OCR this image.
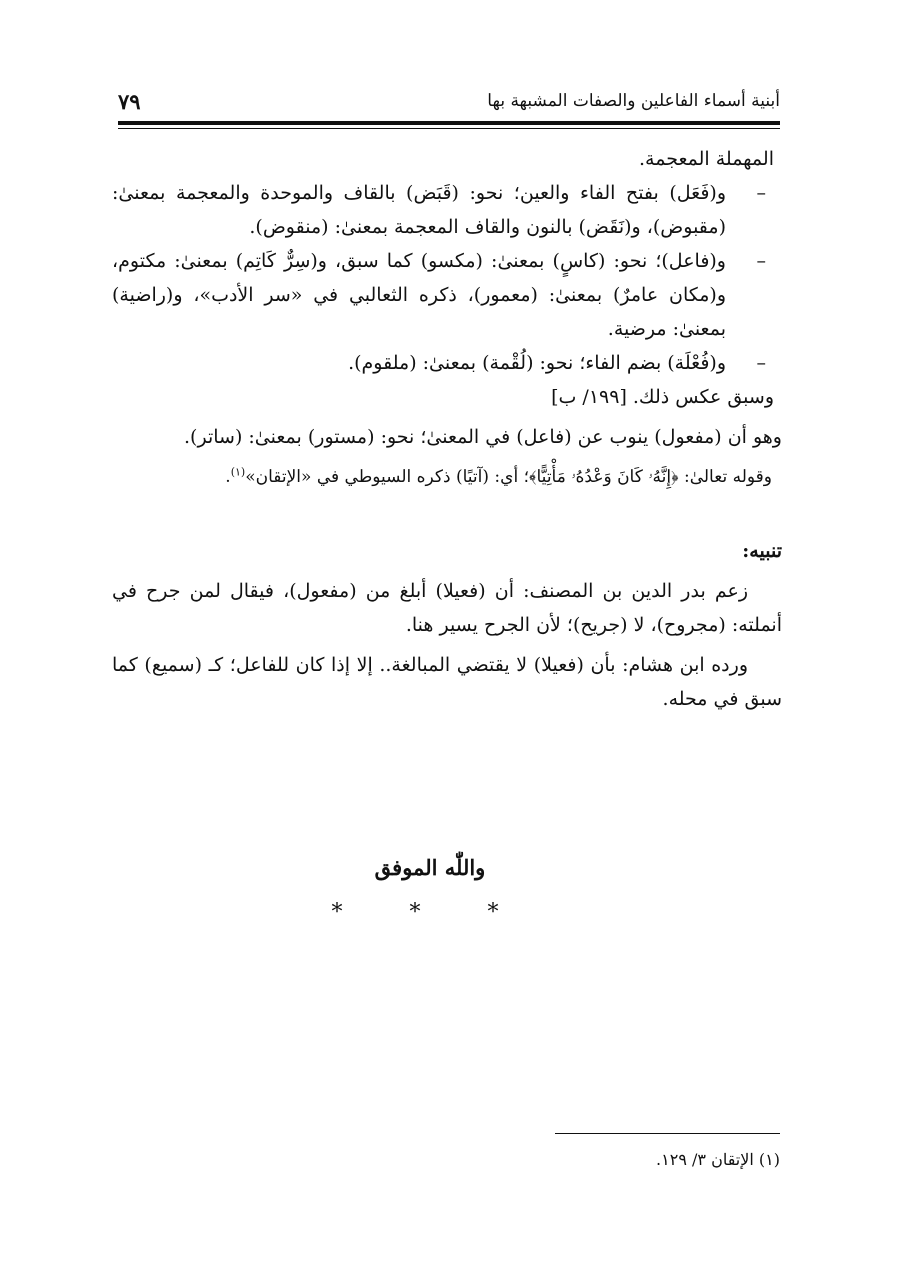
أبنية أسماء الفاعلين والصفات المشبهة بها
٧٩

المهملة المعجمة.

–
و(فَعَل) بفتح الفاء والعين؛ نحو: (قَبَض) بالقاف والموحدة والمعجمة بمعنىٰ: (مقبوض)، و(نَقَض) بالنون والقاف المعجمة بمعنىٰ: (منقوض).

–
و(فاعل)؛ نحو: (كاسٍ) بمعنىٰ: (مكسو) كما سبق، و(سِرٌّ كَاتِم) بمعنىٰ: مكتوم، و(مكان عامرٌ) بمعنىٰ: (معمور)، ذكره الثعالبي في «سر الأدب»، و(راضية) بمعنىٰ: مرضية.

–
و(فُعْلَة) بضم الفاء؛ نحو: (لُقْمة) بمعنىٰ: (ملقوم).

وسبق عكس ذلك. [١٩٩/ ب]

وهو أن (مفعول) ينوب عن (فاعل) في المعنىٰ؛ نحو: (مستور) بمعنىٰ: (ساتر).

وقوله تعالىٰ: ﴿إِنَّهُۥ كَانَ وَعْدُهُۥ مَأْتِيًّا﴾؛ أي: (آتيًا) ذكره السيوطي في «الإتقان»$^{(١)}$.

تنبيه:

زعم بدر الدين بن المصنف: أن (فعيلا) أبلغ من (مفعول)، فيقال لمن جرح في أنملته: (مجروح)، لا (جريح)؛ لأن الجرح يسير هنا.

ورده ابن هشام: بأن (فعيلا) لا يقتضي المبالغة.. إلا إذا كان للفاعل؛ كـ (سميع) كما سبق في محله.

واللّٰه الموفق
* * *
(١) الإتقان ٣/ ١٢٩.
